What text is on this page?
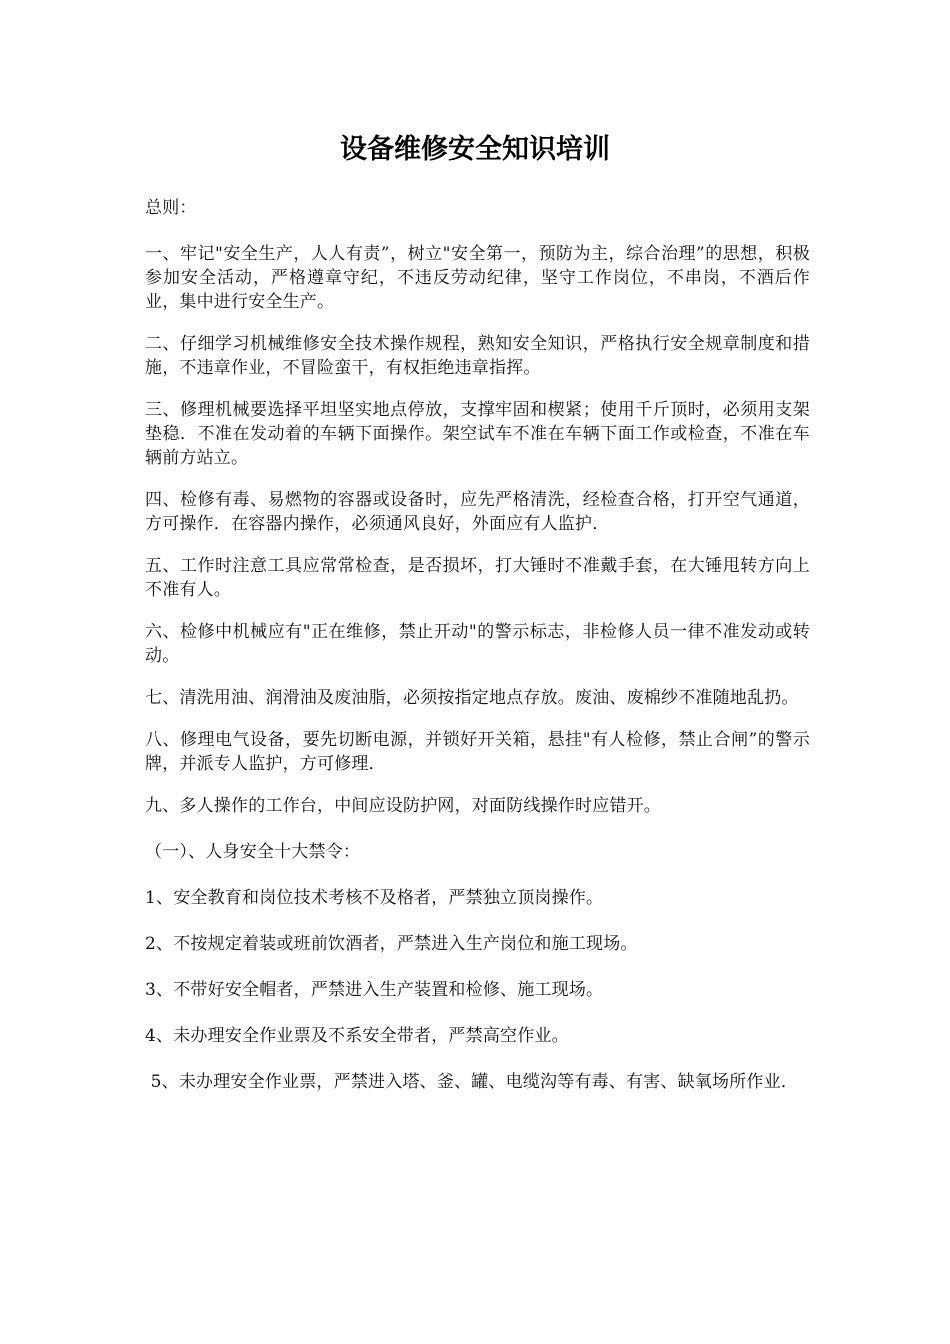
设备维修安全知识培训

总则：

一、牢记"安全生产，人人有责”，树立"安全第一，预防为主，综合治理”的思想，积极参加安全活动，严格遵章守纪，不违反劳动纪律，坚守工作岗位，不串岗，不酒后作业，集中进行安全生产。

二、仔细学习机械维修安全技术操作规程，熟知安全知识，严格执行安全规章制度和措施，不违章作业，不冒险蛮干，有权拒绝违章指挥。

三、修理机械要选择平坦坚实地点停放，支撑牢固和楔紧；使用千斤顶时，必须用支架垫稳．不准在发动着的车辆下面操作。架空试车不准在车辆下面工作或检查，不准在车辆前方站立。

四、检修有毒、易燃物的容器或设备时，应先严格清洗，经检查合格，打开空气通道，方可操作．在容器内操作，必须通风良好，外面应有人监护．

五、工作时注意工具应常常检查，是否损坏，打大锤时不准戴手套，在大锤甩转方向上不准有人。

六、检修中机械应有"正在维修，禁止开动"的警示标志，非检修人员一律不准发动或转动。

七、清洗用油、润滑油及废油脂，必须按指定地点存放。废油、废棉纱不准随地乱扔。

八、修理电气设备，要先切断电源，并锁好开关箱，悬挂"有人检修，禁止合闸”的警示牌，并派专人监护，方可修理．

九、多人操作的工作台，中间应设防护网，对面防线操作时应错开。

（一）、人身安全十大禁令：

1、安全教育和岗位技术考核不及格者，严禁独立顶岗操作。

2、不按规定着装或班前饮酒者，严禁进入生产岗位和施工现场。

3、不带好安全帽者，严禁进入生产装置和检修、施工现场。

4、未办理安全作业票及不系安全带者，严禁高空作业。

5、未办理安全作业票，严禁进入塔、釜、罐、电缆沟等有毒、有害、缺氧场所作业．
